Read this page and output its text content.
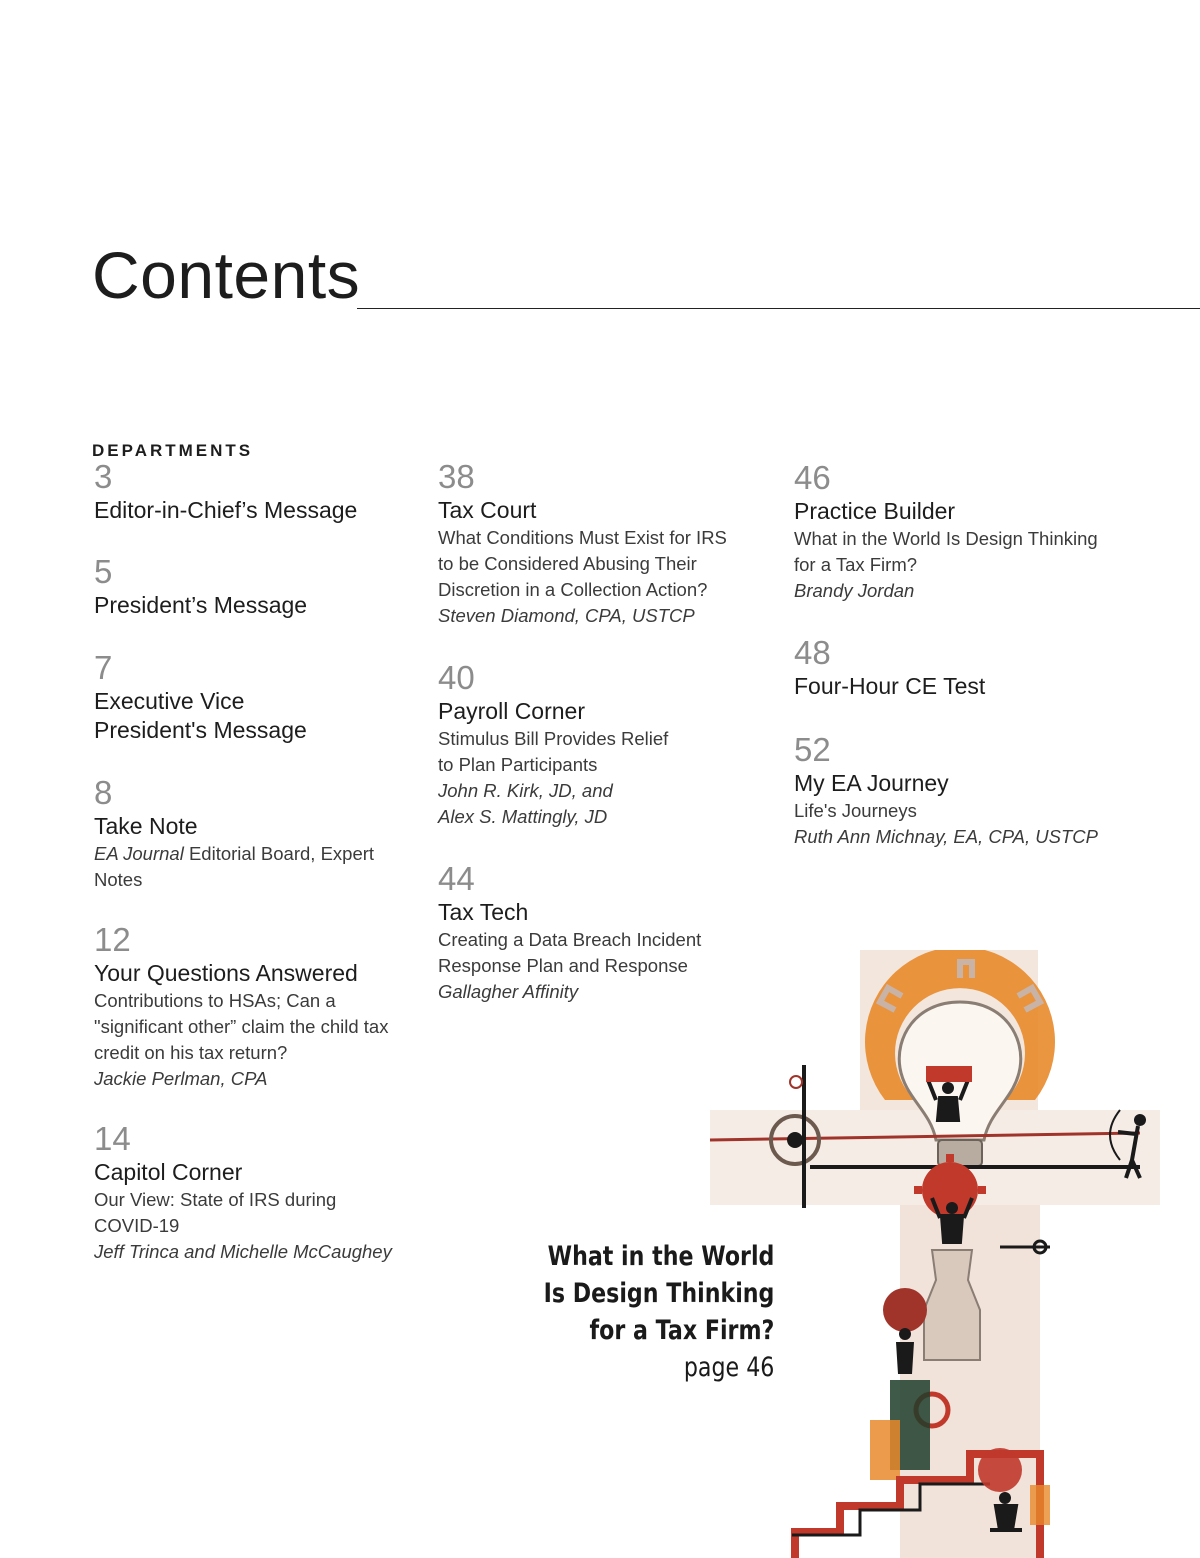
Contents
DEPARTMENTS
3
Editor-in-Chief’s Message
5
President’s Message
7
Executive Vice
President's Message
8
Take Note
EA Journal Editorial Board, Expert
Notes
12
Your Questions Answered
Contributions to HSAs; Can a
"significant other” claim the child tax
credit on his tax return?
Jackie Perlman, CPA
14
Capitol Corner
Our View: State of IRS during
COVID-19
Jeff Trinca and Michelle McCaughey
38
Tax Court
What Conditions Must Exist for IRS
to be Considered Abusing Their
Discretion in a Collection Action?
Steven Diamond, CPA, USTCP
40
Payroll Corner
Stimulus Bill Provides Relief
to Plan Participants
John R. Kirk, JD, and
Alex S. Mattingly, JD
44
Tax Tech
Creating a Data Breach Incident
Response Plan and Response
Gallagher Affinity
46
Practice Builder
What in the World Is Design Thinking
for a Tax Firm?
Brandy Jordan
48
Four-Hour CE Test
52
My EA Journey
Life's Journeys
Ruth Ann Michnay, EA, CPA, USTCP
What in the World
Is Design Thinking
for a Tax Firm?
page 46
